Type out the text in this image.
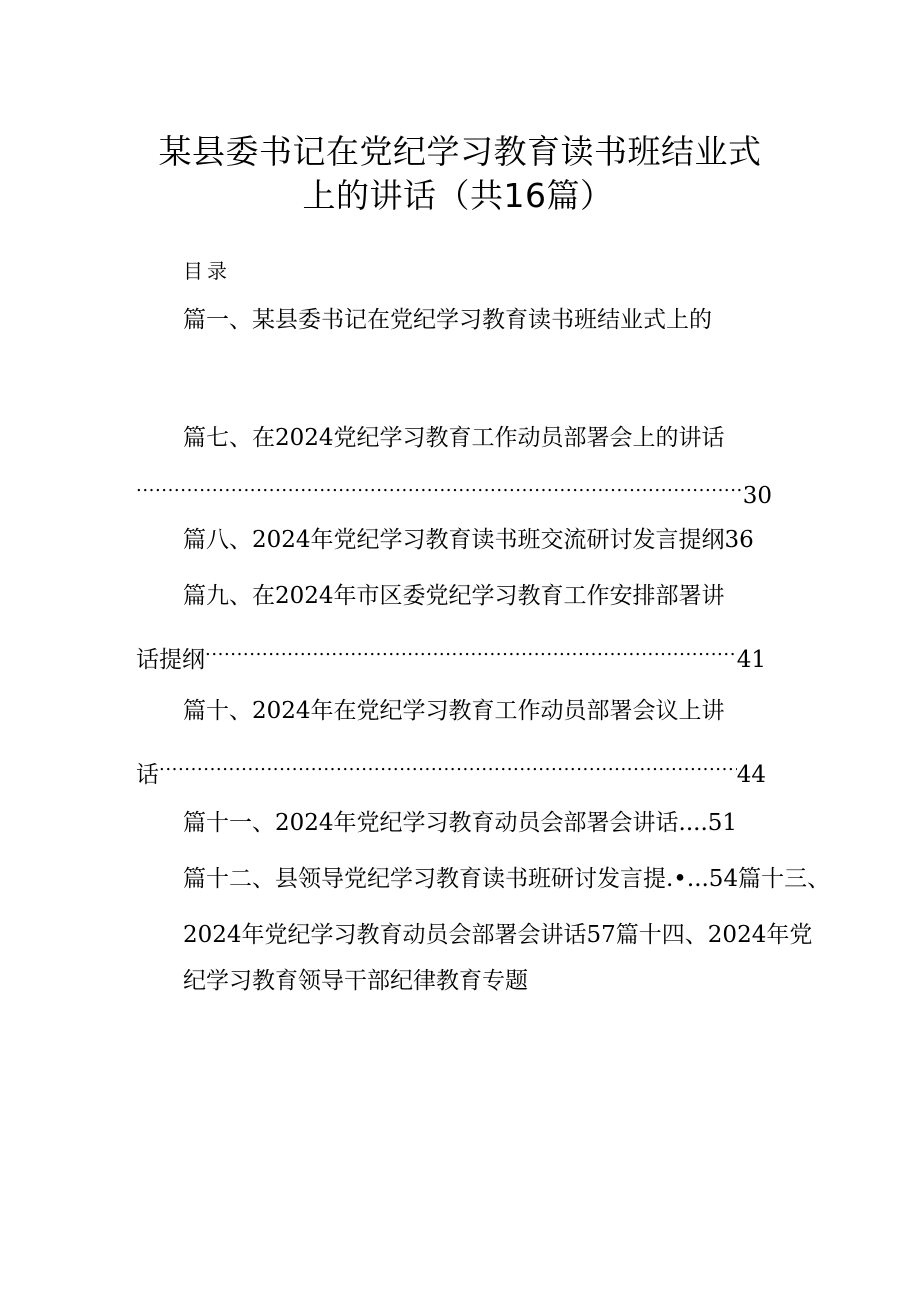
某县委书记在党纪学习教育读书班结业式
上的讲话（共16篇）
目录
篇一、某县委书记在党纪学习教育读书班结业式上的
篇七、在2024党纪学习教育工作动员部署会上的讲话
.....
30
篇八、2024年党纪学习教育读书班交流研讨发言提纲36
篇九、在2024年市区委党纪学习教育工作安排部署讲
话提纲 .....	41
篇十、2024年在党纪学习教育工作动员部署会议上讲
话 .....	44
篇十一、2024年党纪学习教育动员会部署会讲话....51
篇十二、县领导党纪学习教育读书班研讨发言提.•...54篇十三、
2024年党纪学习教育动员会部署会讲话57篇十四、2024年党
纪学习教育领导干部纪律教育专题
